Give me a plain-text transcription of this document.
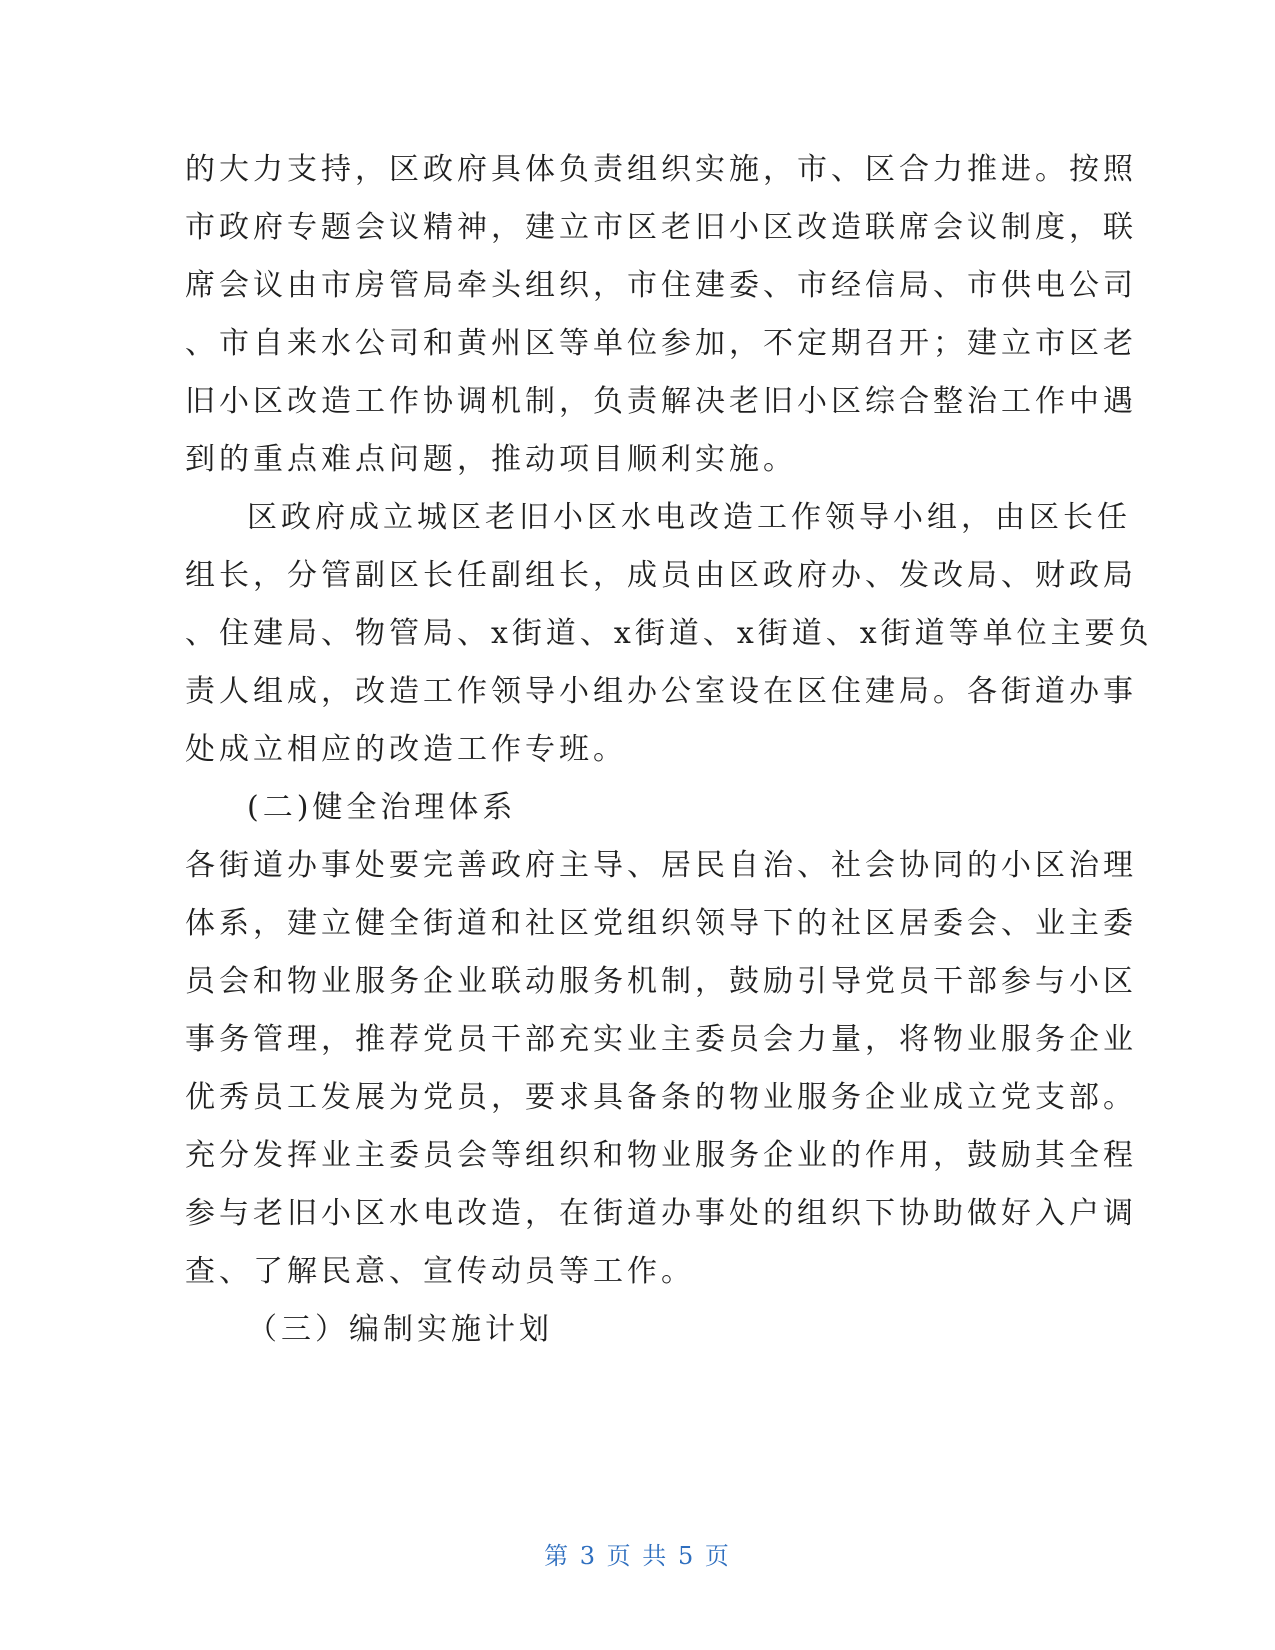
的大力支持，区政府具体负责组织实施，市、区合力推进。按照
市政府专题会议精神，建立市区老旧小区改造联席会议制度，联
席会议由市房管局牵头组织，市住建委、市经信局、市供电公司
、市自来水公司和黄州区等单位参加，不定期召开；建立市区老
旧小区改造工作协调机制，负责解决老旧小区综合整治工作中遇
到的重点难点问题，推动项目顺利实施。
区政府成立城区老旧小区水电改造工作领导小组，由区长任
组长，分管副区长任副组长，成员由区政府办、发改局、财政局
、住建局、物管局、x街道、x街道、x街道、x街道等单位主要负
责人组成，改造工作领导小组办公室设在区住建局。各街道办事
处成立相应的改造工作专班。
(二)健全治理体系
各街道办事处要完善政府主导、居民自治、社会协同的小区治理
体系，建立健全街道和社区党组织领导下的社区居委会、业主委
员会和物业服务企业联动服务机制，鼓励引导党员干部参与小区
事务管理，推荐党员干部充实业主委员会力量，将物业服务企业
优秀员工发展为党员，要求具备条的物业服务企业成立党支部。
充分发挥业主委员会等组织和物业服务企业的作用，鼓励其全程
参与老旧小区水电改造，在街道办事处的组织下协助做好入户调
查、了解民意、宣传动员等工作。
（三）编制实施计划
第 3 页 共 5 页
